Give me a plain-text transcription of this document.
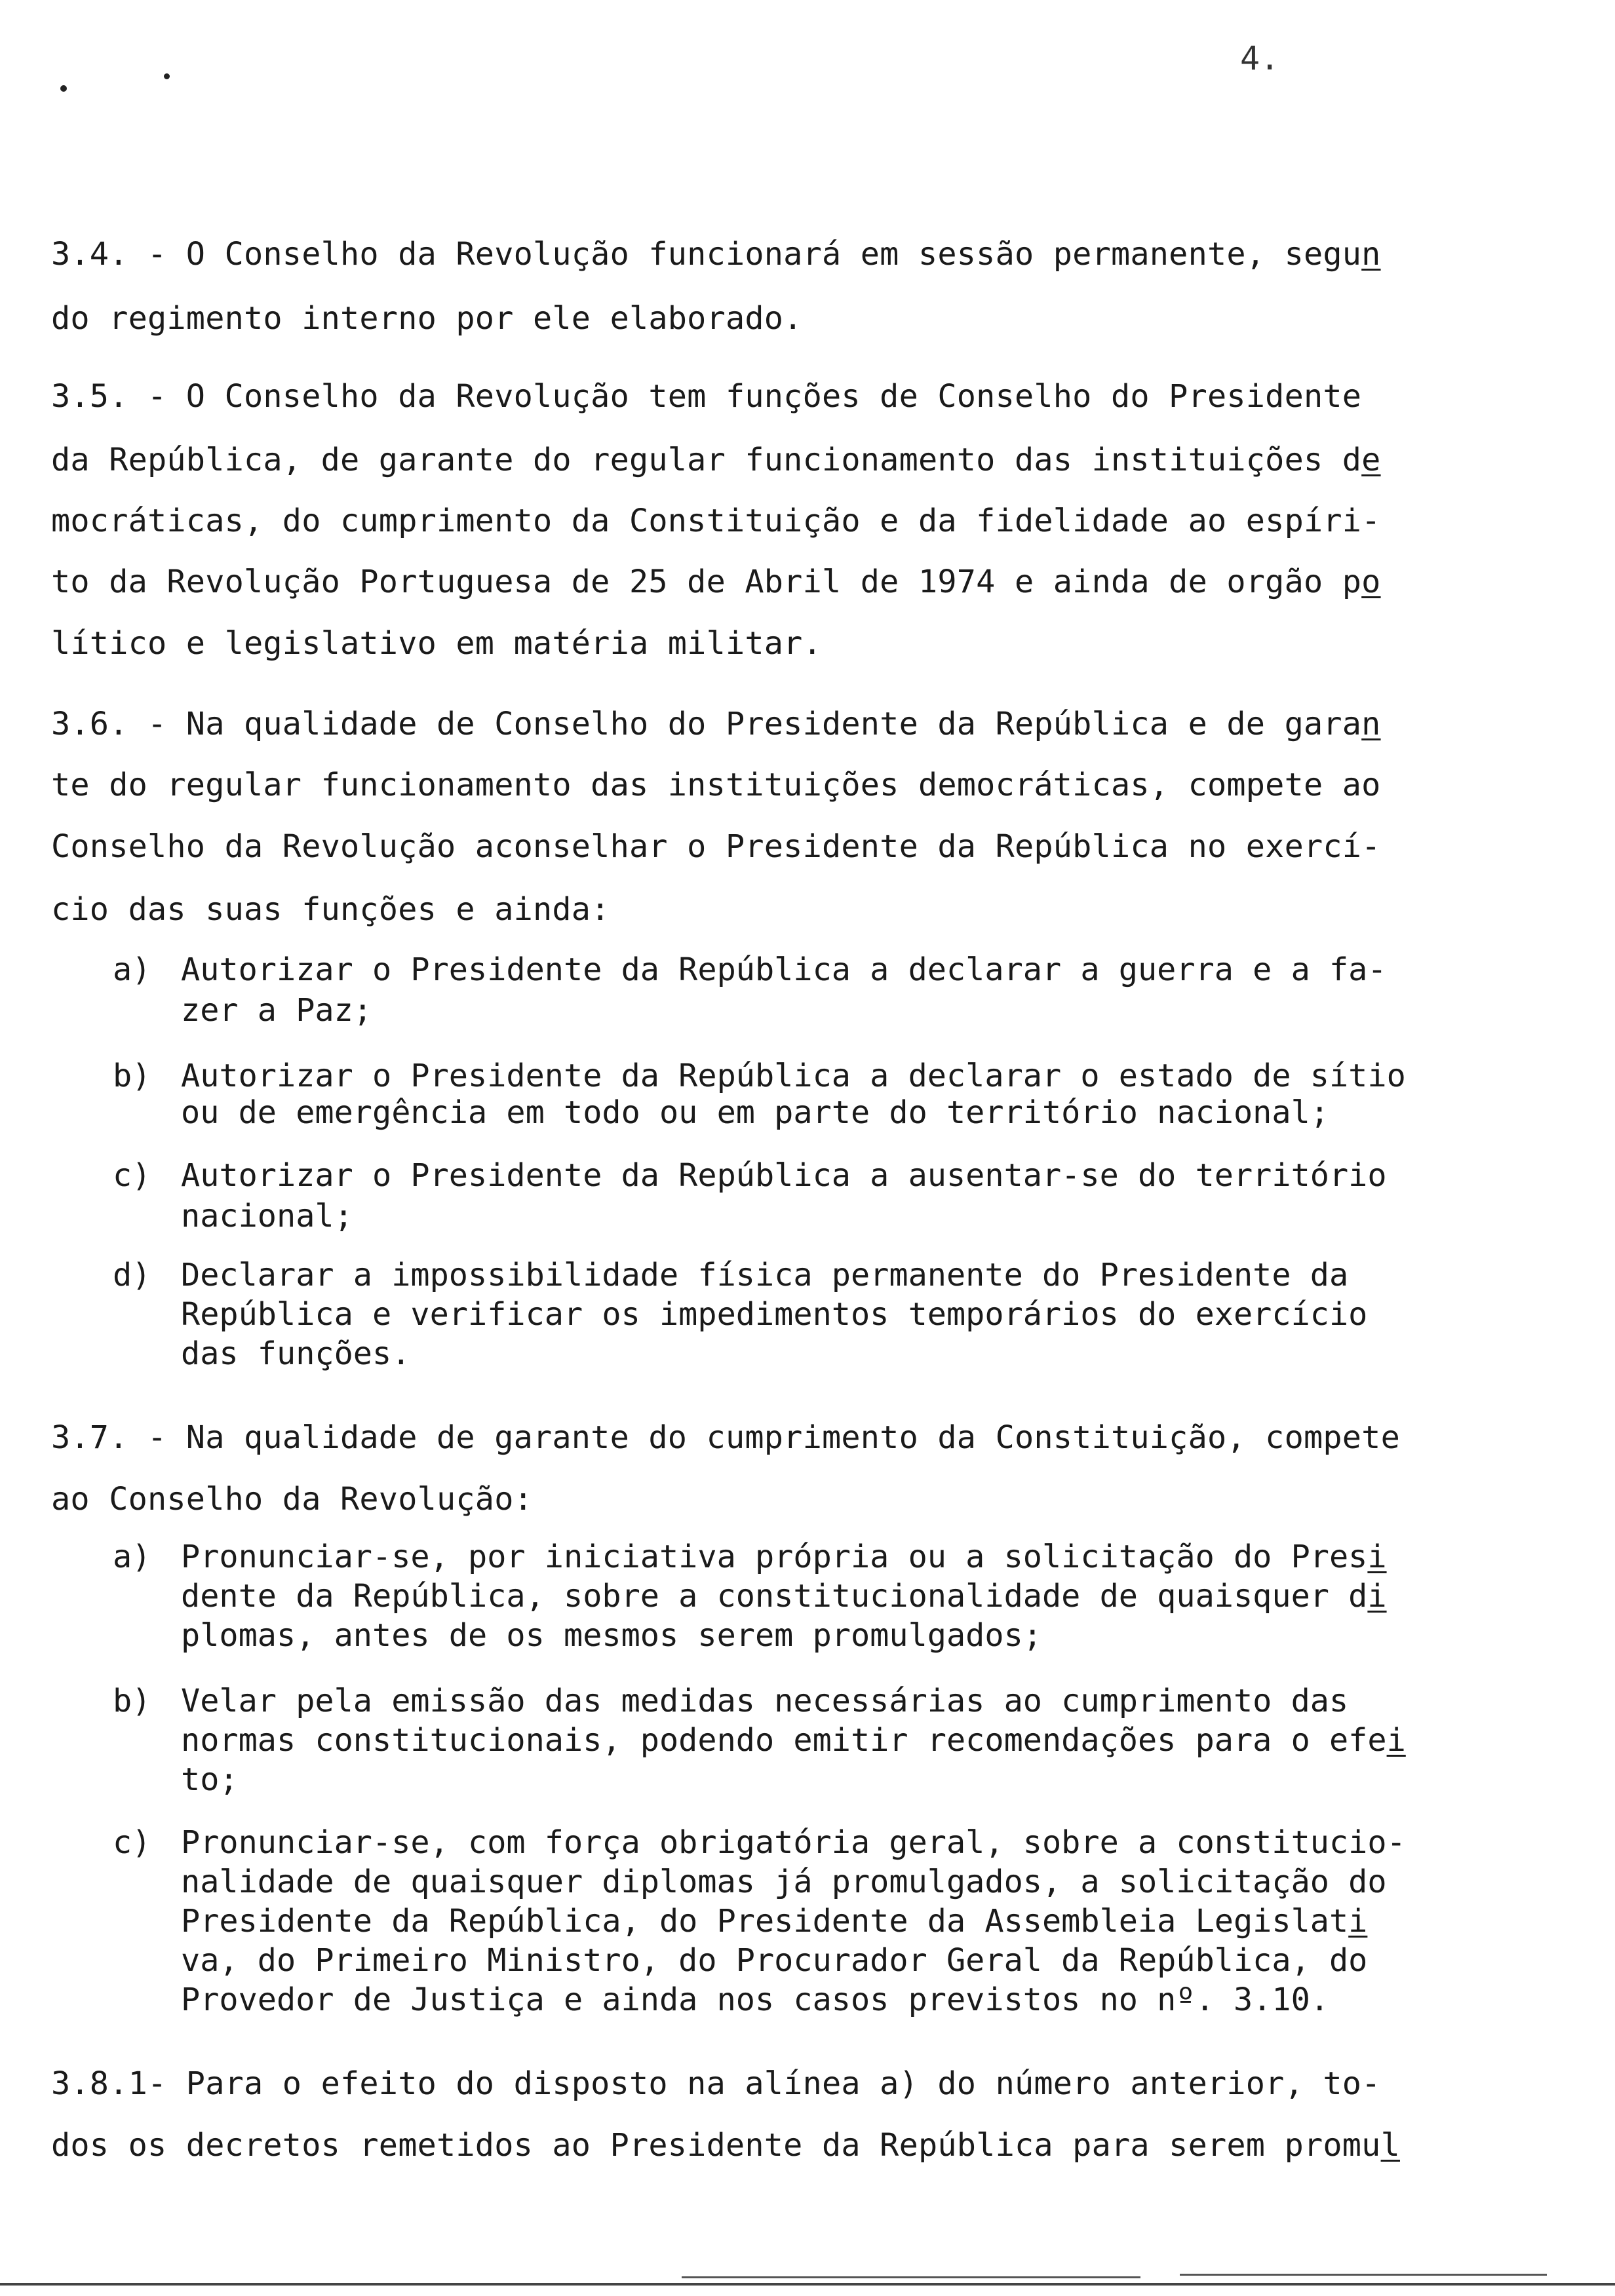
4.
3.4. - O Conselho da Revolução funcionará em sessão permanente, segun
do regimento interno por ele elaborado.
3.5. - O Conselho da Revolução tem funções de Conselho do Presidente
da República, de garante do regular funcionamento das instituições de
mocráticas, do cumprimento da Constituição e da fidelidade ao espíri-
to da Revolução Portuguesa de 25 de Abril de 1974 e ainda de orgão po
lítico e legislativo em matéria militar.
3.6. - Na qualidade de Conselho do Presidente da República e de garan
te do regular funcionamento das instituições democráticas, compete ao
Conselho da Revolução aconselhar o Presidente da República no exercí-
cio das suas funções e ainda:
a) Autorizar o Presidente da República a declarar a guerra e a fa-
zer a Paz;
b) Autorizar o Presidente da República a declarar o estado de sítio
ou de emergência em todo ou em parte do território nacional;
c) Autorizar o Presidente da República a ausentar-se do território
nacional;
d) Declarar a impossibilidade física permanente do Presidente da
República e verificar os impedimentos temporários do exercício
das funções.
3.7. - Na qualidade de garante do cumprimento da Constituição, compete
ao Conselho da Revolução:
a) Pronunciar-se, por iniciativa própria ou a solicitação do Presi
dente da República, sobre a constitucionalidade de quaisquer di
plomas, antes de os mesmos serem promulgados;
b) Velar pela emissão das medidas necessárias ao cumprimento das
normas constitucionais, podendo emitir recomendações para o efei
to;
c) Pronunciar-se, com força obrigatória geral, sobre a constitucio-
nalidade de quaisquer diplomas já promulgados, a solicitação do
Presidente da República, do Presidente da Assembleia Legislati
va, do Primeiro Ministro, do Procurador Geral da República, do
Provedor de Justiça e ainda nos casos previstos no nº. 3.10.
3.8.1- Para o efeito do disposto na alínea a) do número anterior, to-
dos os decretos remetidos ao Presidente da República para serem promul
